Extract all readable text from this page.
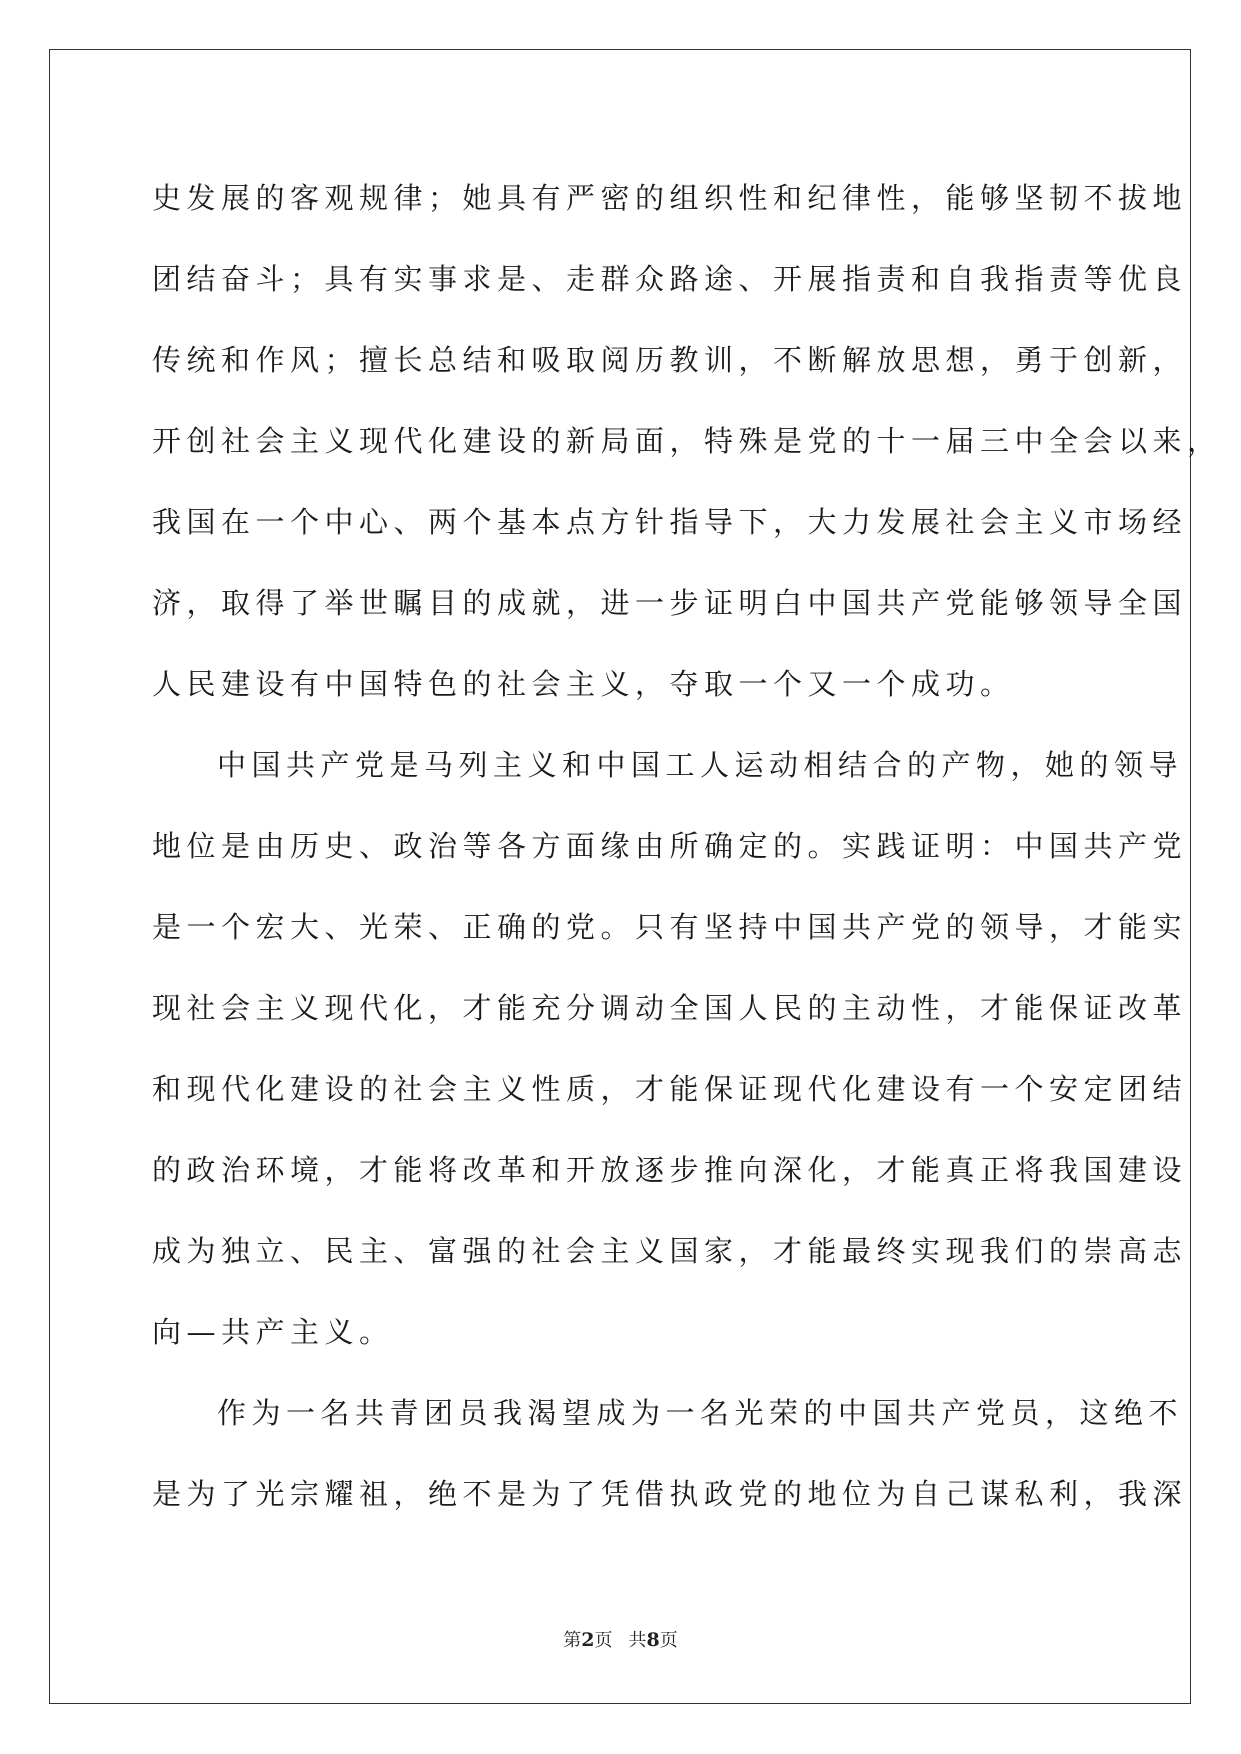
史发展的客观规律；她具有严密的组织性和纪律性，能够坚韧不拔地
团结奋斗；具有实事求是、走群众路途、开展指责和自我指责等优良
传统和作风；擅长总结和吸取阅历教训，不断解放思想，勇于创新，
开创社会主义现代化建设的新局面，特殊是党的十一届三中全会以来，
我国在一个中心、两个基本点方针指导下，大力发展社会主义市场经
济，取得了举世瞩目的成就，进一步证明白中国共产党能够领导全国
人民建设有中国特色的社会主义，夺取一个又一个成功。
中国共产党是马列主义和中国工人运动相结合的产物，她的领导
地位是由历史、政治等各方面缘由所确定的。实践证明：中国共产党
是一个宏大、光荣、正确的党。只有坚持中国共产党的领导，才能实
现社会主义现代化，才能充分调动全国人民的主动性，才能保证改革
和现代化建设的社会主义性质，才能保证现代化建设有一个安定团结
的政治环境，才能将改革和开放逐步推向深化，才能真正将我国建设
成为独立、民主、富强的社会主义国家，才能最终实现我们的崇高志
向—共产主义。
作为一名共青团员我渴望成为一名光荣的中国共产党员，这绝不
是为了光宗耀祖，绝不是为了凭借执政党的地位为自己谋私利，我深
第2页 共8页
